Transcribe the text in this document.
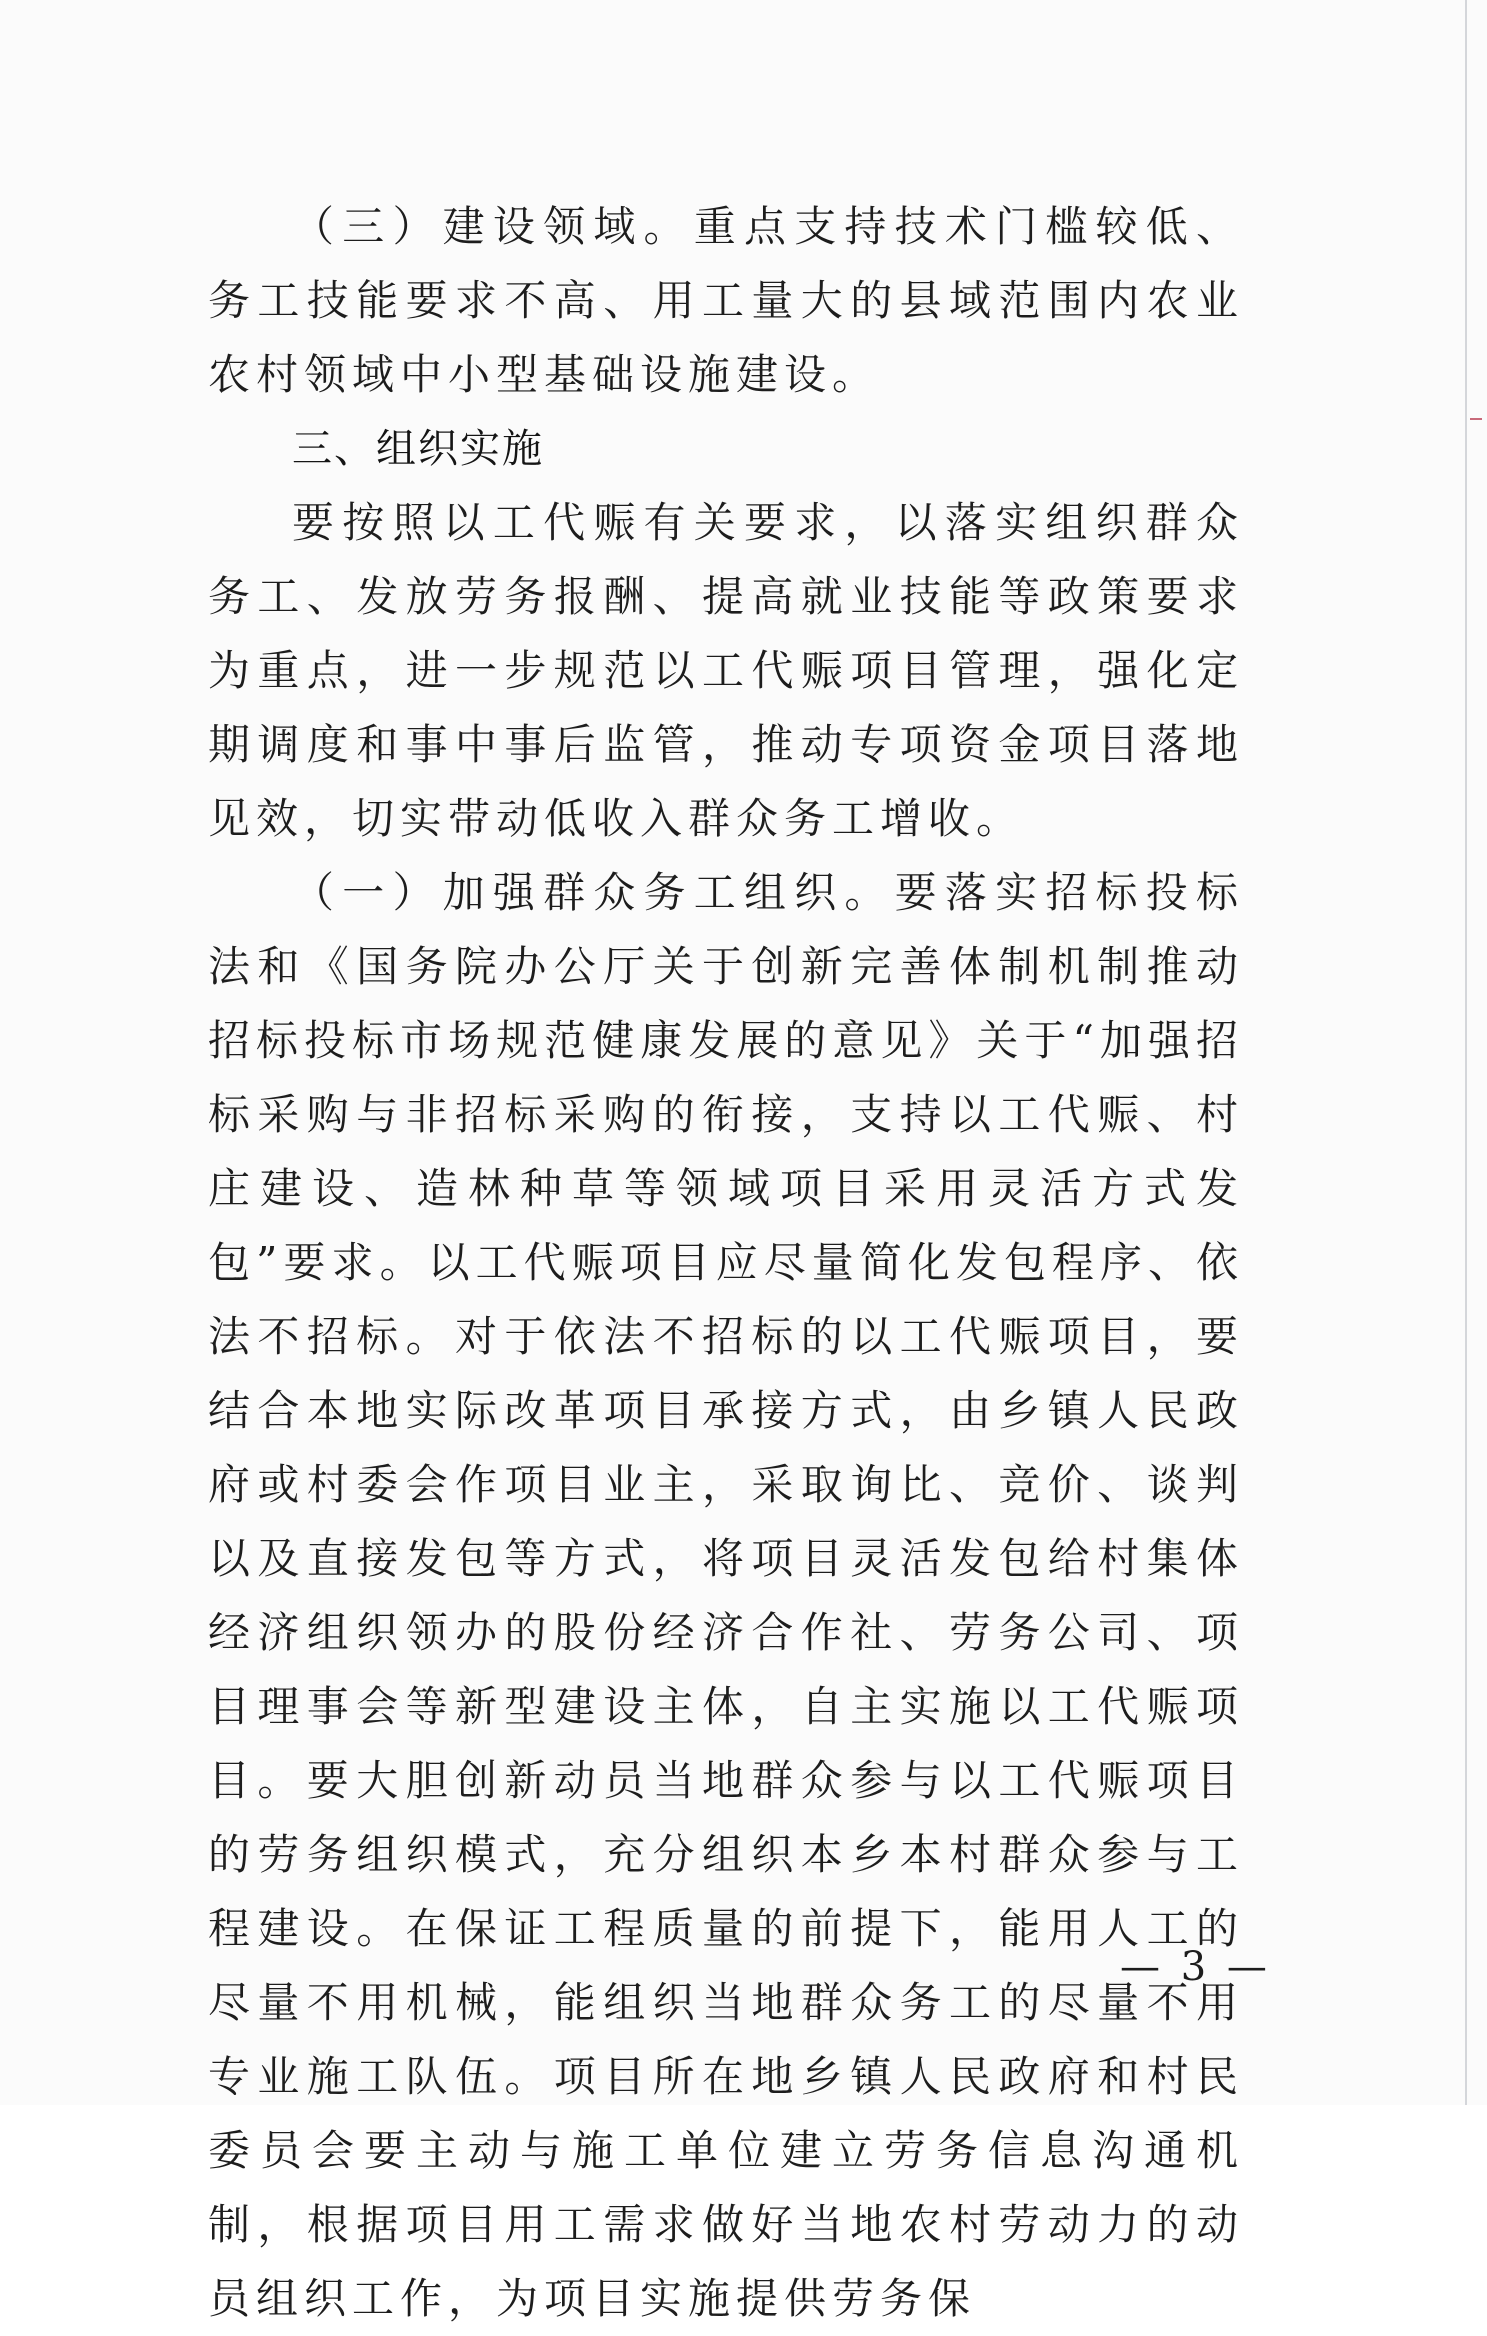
（三）建设领域。重点支持技术门槛较低、务工技能要求不高、用工量大的县域范围内农业农村领域中小型基础设施建设。

三、组织实施

要按照以工代赈有关要求，以落实组织群众务工、发放劳务报酬、提高就业技能等政策要求为重点，进一步规范以工代赈项目管理，强化定期调度和事中事后监管，推动专项资金项目落地见效，切实带动低收入群众务工增收。

（一）加强群众务工组织。要落实招标投标法和《国务院办公厅关于创新完善体制机制推动招标投标市场规范健康发展的意见》关于“加强招标采购与非招标采购的衔接，支持以工代赈、村庄建设、造林种草等领域项目采用灵活方式发包”要求。以工代赈项目应尽量简化发包程序、依法不招标。对于依法不招标的以工代赈项目，要结合本地实际改革项目承接方式，由乡镇人民政府或村委会作项目业主，采取询比、竞价、谈判以及直接发包等方式，将项目灵活发包给村集体经济组织领办的股份经济合作社、劳务公司、项目理事会等新型建设主体，自主实施以工代赈项目。要大胆创新动员当地群众参与以工代赈项目的劳务组织模式，充分组织本乡本村群众参与工程建设。在保证工程质量的前提下，能用人工的尽量不用机械，能组织当地群众务工的尽量不用专业施工队伍。项目所在地乡镇人民政府和村民委员会要主动与施工单位建立劳务信息沟通机制，根据项目用工需求做好当地农村劳动力的动员组织工作，为项目实施提供劳务保

— 3 —
